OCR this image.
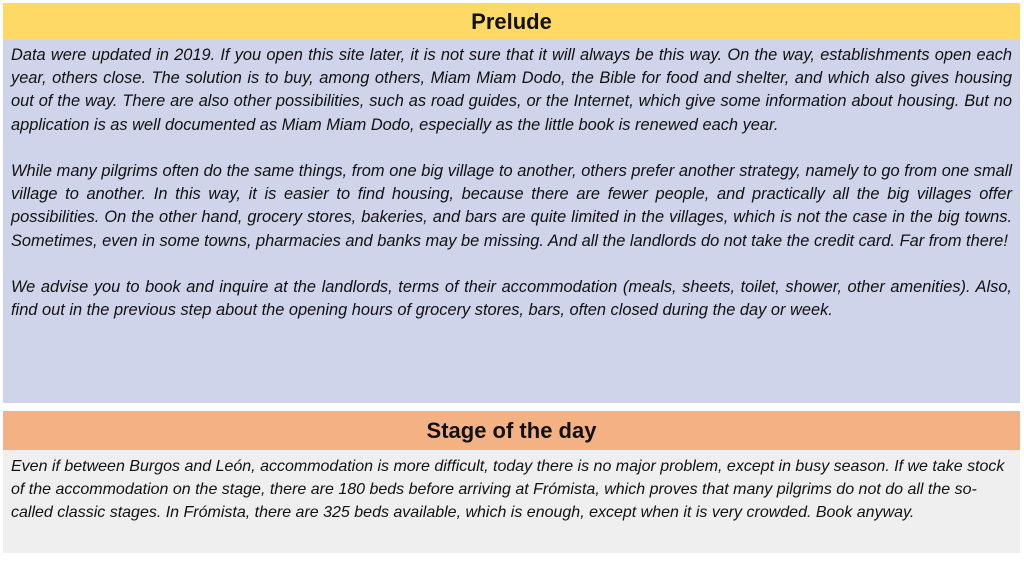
Prelude

Data were updated in 2019. If you open this site later, it is not sure that it will always be this way. On the way, establishments open each year, others close. The solution is to buy, among others, Miam Miam Dodo, the Bible for food and shelter, and which also gives housing out of the way. There are also other possibilities, such as road guides, or the Internet, which give some information about housing. But no application is as well documented as Miam Miam Dodo, especially as the little book is renewed each year.

While many pilgrims often do the same things, from one big village to another, others prefer another strategy, namely to go from one small village to another. In this way, it is easier to find housing, because there are fewer people, and practically all the big villages offer possibilities. On the other hand, grocery stores, bakeries, and bars are quite limited in the villages, which is not the case in the big towns. Sometimes, even in some towns, pharmacies and banks may be missing. And all the landlords do not take the credit card. Far from there!

We advise you to book and inquire at the landlords, terms of their accommodation (meals, sheets, toilet, shower, other amenities). Also, find out in the previous step about the opening hours of grocery stores, bars, often closed during the day or week.

Stage of the day

Even if between Burgos and León, accommodation is more difficult, today there is no major problem, except in busy season. If we take stock of the accommodation on the stage, there are 180 beds before arriving at Frómista, which proves that many pilgrims do not do all the so-called classic stages. In Frómista, there are 325 beds available, which is enough, except when it is very crowded. Book anyway.
